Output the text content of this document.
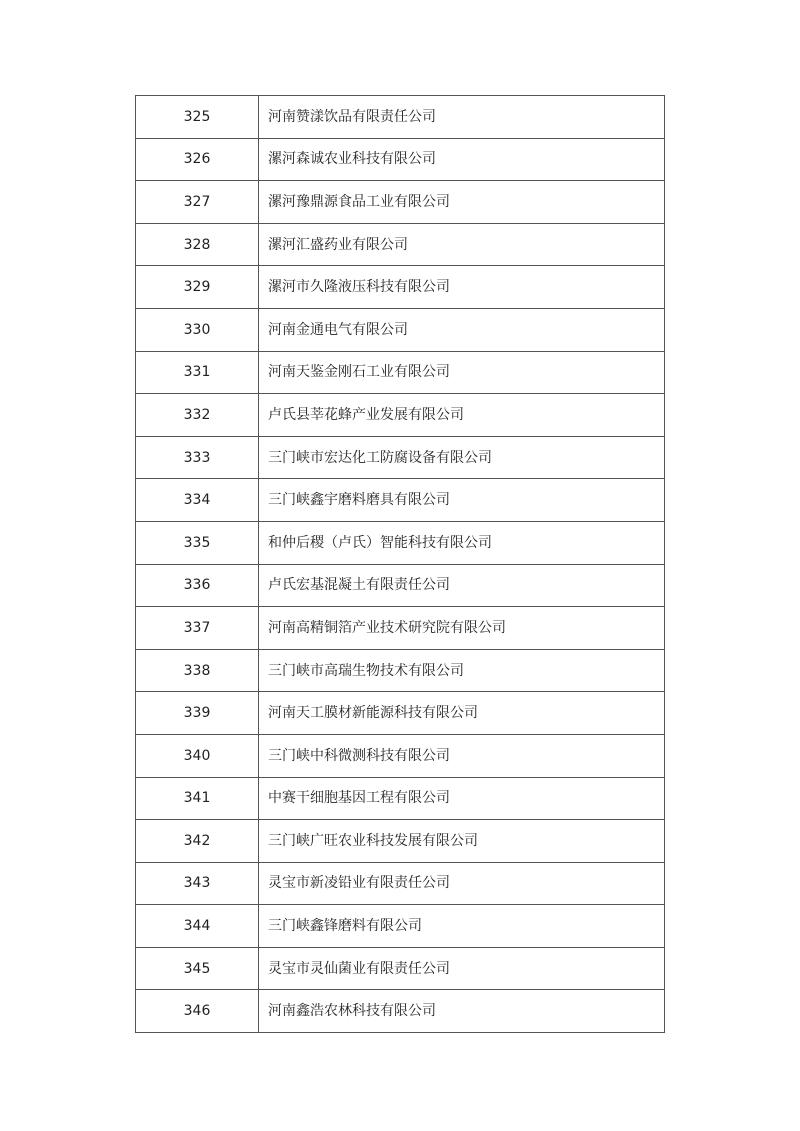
325	河南赞漾饮品有限责任公司
326	漯河森诚农业科技有限公司
327	漯河豫鼎源食品工业有限公司
328	漯河汇盛药业有限公司
329	漯河市久隆液压科技有限公司
330	河南金通电气有限公司
331	河南天鉴金刚石工业有限公司
332	卢氏县莘花蜂产业发展有限公司
333	三门峡市宏达化工防腐设备有限公司
334	三门峡鑫宇磨料磨具有限公司
335	和仲后稷（卢氏）智能科技有限公司
336	卢氏宏基混凝土有限责任公司
337	河南高精铜箔产业技术研究院有限公司
338	三门峡市高瑞生物技术有限公司
339	河南天工膜材新能源科技有限公司
340	三门峡中科微测科技有限公司
341	中赛干细胞基因工程有限公司
342	三门峡广旺农业科技发展有限公司
343	灵宝市新凌铅业有限责任公司
344	三门峡鑫锋磨料有限公司
345	灵宝市灵仙菌业有限责任公司
346	河南鑫浩农林科技有限公司
